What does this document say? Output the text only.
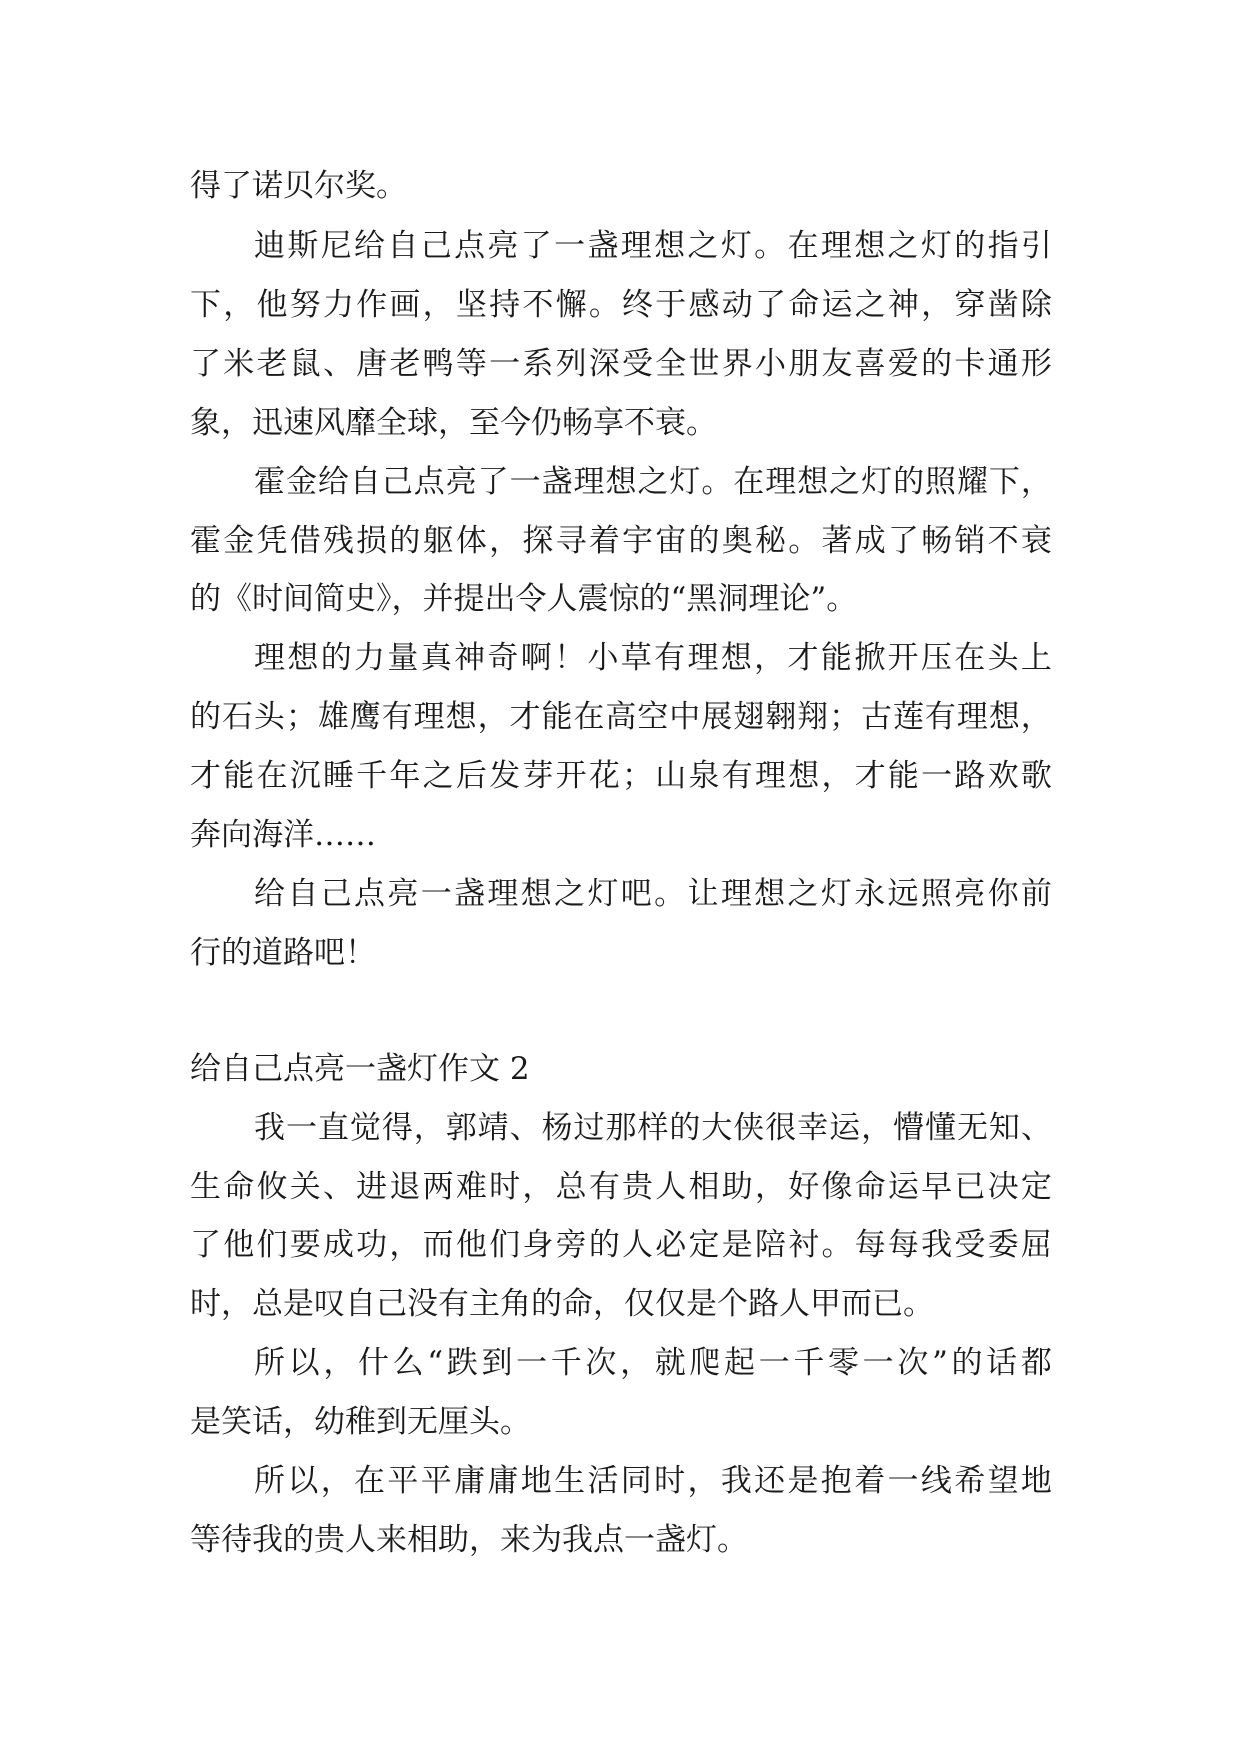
得了诺贝尔奖。
迪 斯 尼 给 自 己 点 亮 了 一 盏 理 想 之 灯 。 在 理 想 之 灯 的 指 引
下 ， 他 努 力 作 画 ， 坚 持 不 懈 。 终 于 感 动 了 命 运 之 神 ， 穿 凿 除
了 米 老 鼠 、 唐 老 鸭 等 一 系 列 深 受 全 世 界 小 朋 友 喜 爱 的 卡 通 形
象，迅速风靡全球，至今仍畅享不衰。
霍 金 给 自 己 点 亮 了 一 盏 理 想 之 灯 。 在 理 想 之 灯 的 照 耀 下 ，
霍 金 凭 借 残 损 的 躯 体 ， 探 寻 着 宇 宙 的 奥 秘 。 著 成 了 畅 销 不 衰
的《时间简史》，并提出令人震惊的“黑洞理论”。
理 想 的 力 量 真 神 奇 啊 ！ 小 草 有 理 想 ， 才 能 掀 开 压 在 头 上
的 石 头 ； 雄 鹰 有 理 想 ， 才 能 在 高 空 中 展 翅 翱 翔 ； 古 莲 有 理 想 ，
才 能 在 沉 睡 千 年 之 后 发 芽 开 花 ； 山 泉 有 理 想 ， 才 能 一 路 欢 歌
奔向海洋……
给 自 己 点 亮 一 盏 理 想 之 灯 吧 。 让 理 想 之 灯 永 远 照 亮 你 前
行的道路吧！
给自己点亮一盏灯作文 2
我 一 直 觉 得 ， 郭 靖 、 杨 过 那 样 的 大 侠 很 幸 运 ， 懵 懂 无 知 、
生 命 攸 关 、 进 退 两 难 时 ， 总 有 贵 人 相 助 ， 好 像 命 运 早 已 决 定
了 他 们 要 成 功 ， 而 他 们 身 旁 的 人 必 定 是 陪 衬 。 每 每 我 受 委 屈
时，总是叹自己没有主角的命，仅仅是个路人甲而已。
所 以 ， 什 么 “ 跌 到 一 千 次 ， 就 爬 起 一 千 零 一 次 ” 的 话 都
是笑话，幼稚到无厘头。
所 以 ， 在 平 平 庸 庸 地 生 活 同 时 ， 我 还 是 抱 着 一 线 希 望 地
等待我的贵人来相助，来为我点一盏灯。
